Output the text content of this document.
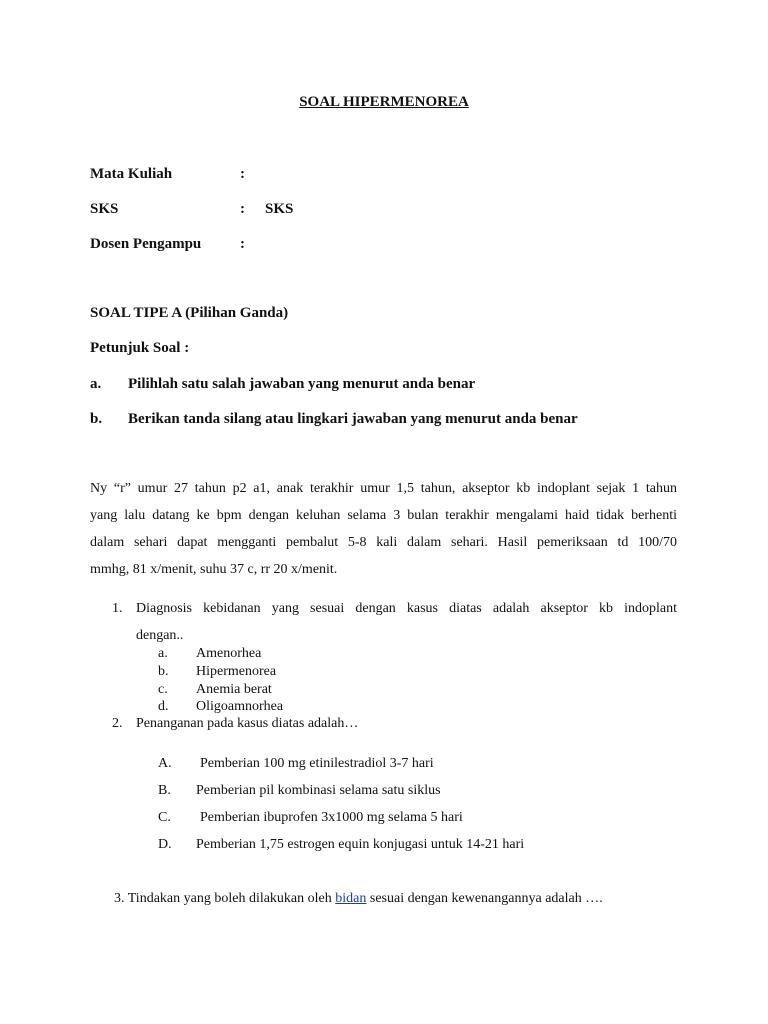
SOAL HIPERMENOREA
Mata Kuliah	:
SKS	: SKS
Dosen Pengampu	:
SOAL TIPE A (Pilihan Ganda)
Petunjuk Soal :
a. Pilihlah satu salah jawaban yang menurut anda benar
b. Berikan tanda silang atau lingkari jawaban yang menurut anda benar
Ny “r” umur 27 tahun p2 a1, anak terakhir umur 1,5 tahun, akseptor kb indoplant sejak 1 tahun
yang lalu datang ke bpm dengan keluhan selama 3 bulan terakhir mengalami haid tidak berhenti
dalam sehari dapat mengganti pembalut 5-8 kali dalam sehari. Hasil pemeriksaan td 100/70
mmhg, 81 x/menit, suhu 37 c, rr 20 x/menit.
1. Diagnosis kebidanan yang sesuai dengan kasus diatas adalah akseptor kb indoplant
dengan..
a. Amenorhea
b. Hipermenorea
c. Anemia berat
d. Oligoamnorhea
2. Penanganan pada kasus diatas adalah…
A. Pemberian 100 mg etinilestradiol 3-7 hari
B. Pemberian pil kombinasi selama satu siklus
C. Pemberian ibuprofen 3x1000 mg selama 5 hari
D. Pemberian 1,75 estrogen equin konjugasi untuk 14-21 hari
3. Tindakan yang boleh dilakukan oleh bidan sesuai dengan kewenangannya adalah ….
